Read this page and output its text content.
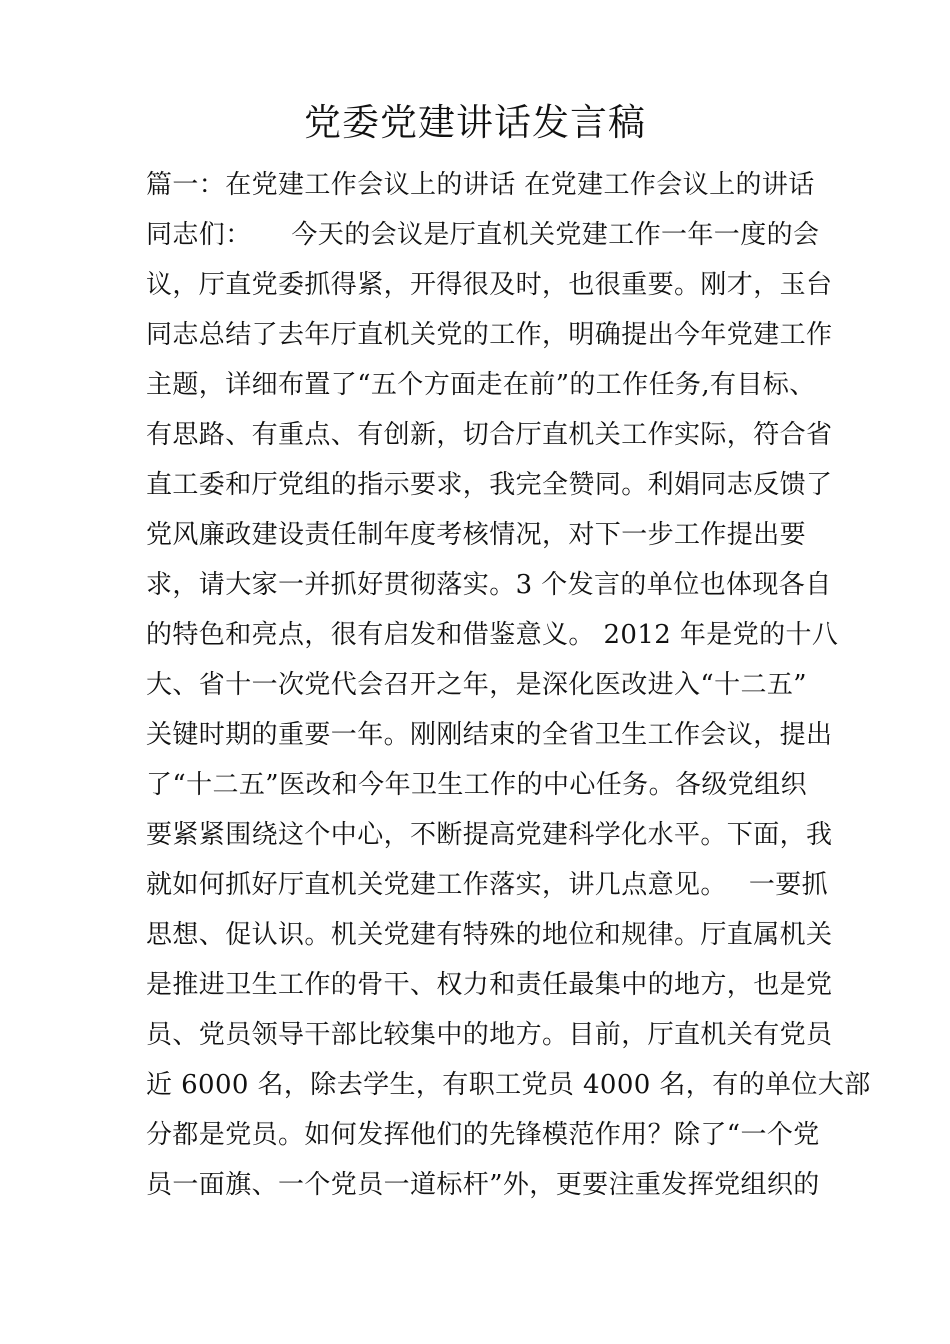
党委党建讲话发言稿
篇一：在党建工作会议上的讲话 在党建工作会议上的讲话
同志们：　　今天的会议是厅直机关党建工作一年一度的会
议，厅直党委抓得紧，开得很及时，也很重要。刚才，玉台
同志总结了去年厅直机关党的工作，明确提出今年党建工作
主题，详细布置了“五个方面走在前”的工作任务,有目标、
有思路、有重点、有创新，切合厅直机关工作实际，符合省
直工委和厅党组的指示要求，我完全赞同。利娟同志反馈了
党风廉政建设责任制年度考核情况，对下一步工作提出要
求，请大家一并抓好贯彻落实。3 个发言的单位也体现各自
的特色和亮点，很有启发和借鉴意义。 2012 年是党的十八
大、省十一次党代会召开之年，是深化医改进入“十二五”
关键时期的重要一年。刚刚结束的全省卫生工作会议，提出
了“十二五”医改和今年卫生工作的中心任务。各级党组织
要紧紧围绕这个中心，不断提高党建科学化水平。下面，我
就如何抓好厅直机关党建工作落实，讲几点意见。　 一要抓
思想、促认识。机关党建有特殊的地位和规律。厅直属机关
是推进卫生工作的骨干、权力和责任最集中的地方，也是党
员、党员领导干部比较集中的地方。目前，厅直机关有党员
近 6000 名，除去学生，有职工党员 4000 名，有的单位大部
分都是党员。如何发挥他们的先锋模范作用？除了“一个党
员一面旗、一个党员一道标杆”外，更要注重发挥党组织的
